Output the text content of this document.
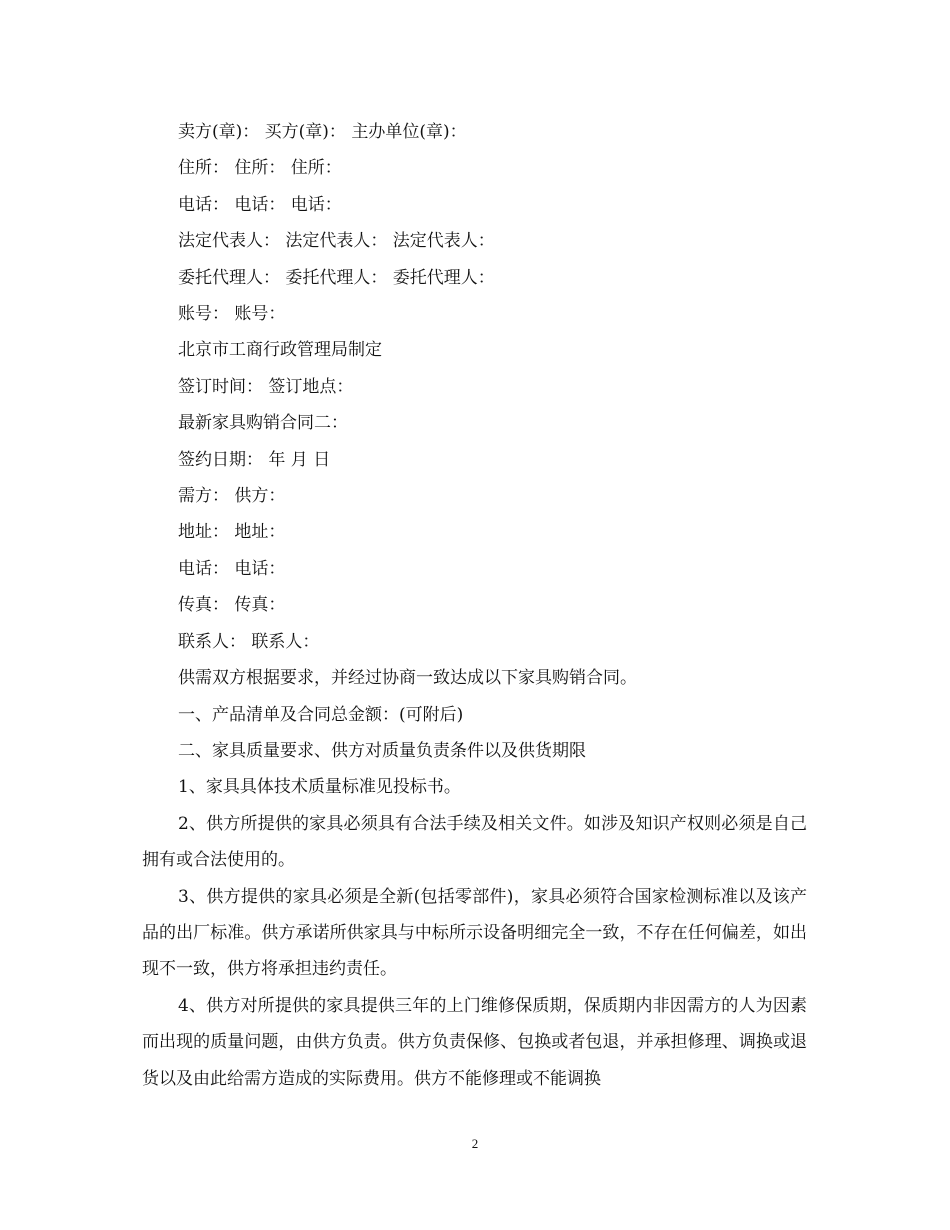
卖方(章)： 买方(章)： 主办单位(章)：
住所： 住所： 住所：
电话： 电话： 电话：
法定代表人： 法定代表人： 法定代表人：
委托代理人： 委托代理人： 委托代理人：
账号： 账号：
北京市工商行政管理局制定
签订时间： 签订地点：
最新家具购销合同二：
签约日期： 年 月 日
需方： 供方：
地址： 地址：
电话： 电话：
传真： 传真：
联系人： 联系人：
供需双方根据要求，并经过协商一致达成以下家具购销合同。
一、产品清单及合同总金额：(可附后)
二、家具质量要求、供方对质量负责条件以及供货期限
1、家具具体技术质量标准见投标书。
2、供方所提供的家具必须具有合法手续及相关文件。如涉及知识产权则必须是自己拥有或合法使用的。
3、供方提供的家具必须是全新(包括零部件)，家具必须符合国家检测标准以及该产品的出厂标准。供方承诺所供家具与中标所示设备明细完全一致，不存在任何偏差，如出现不一致，供方将承担违约责任。
4、供方对所提供的家具提供三年的上门维修保质期，保质期内非因需方的人为因素而出现的质量问题，由供方负责。供方负责保修、包换或者包退，并承担修理、调换或退货以及由此给需方造成的实际费用。供方不能修理或不能调换
2
